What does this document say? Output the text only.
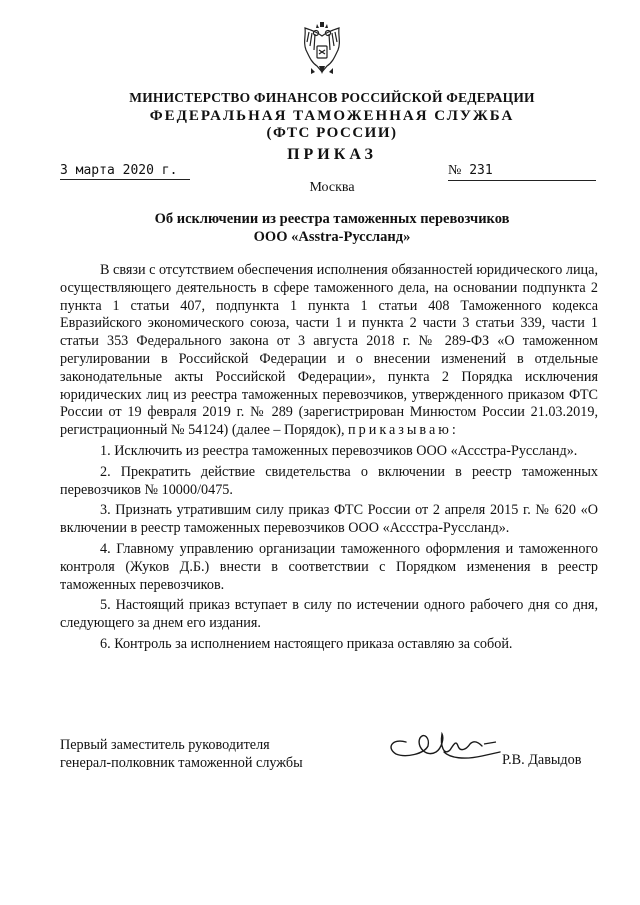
МИНИСТЕРСТВО ФИНАНСОВ РОССИЙСКОЙ ФЕДЕРАЦИИ
ФЕДЕРАЛЬНАЯ ТАМОЖЕННАЯ СЛУЖБА
(ФТС РОССИИ)
ПРИКАЗ
3 марта 2020 г.	№ 231
Москва
Об исключении из реестра таможенных перевозчиков
ООО «Asstra-Руссланд»

В связи с отсутствием обеспечения исполнения обязанностей юридического лица, осуществляющего деятельность в сфере таможенного дела, на основании подпункта 2 пункта 1 статьи 407, подпункта 1 пункта 1 статьи 408 Таможенного кодекса Евразийского экономического союза, части 1 и пункта 2 части 3 статьи 339, части 1 статьи 353 Федерального закона от 3 августа 2018 г. № 289-ФЗ «О таможенном регулировании в Российской Федерации и о внесении изменений в отдельные законодательные акты Российской Федерации», пункта 2 Порядка исключения юридических лиц из реестра таможенных перевозчиков, утвержденного приказом ФТС России от 19 февраля 2019 г. № 289 (зарегистрирован Минюстом России 21.03.2019, регистрационный № 54124) (далее – Порядок), приказываю:

1. Исключить из реестра таможенных перевозчиков ООО «Ассстра-Руссланд».

2. Прекратить действие свидетельства о включении в реестр таможенных перевозчиков № 10000/0475.

3. Признать утратившим силу приказ ФТС России от 2 апреля 2015 г. № 620 «О включении в реестр таможенных перевозчиков ООО «Ассстра-Руссланд».

4. Главному управлению организации таможенного оформления и таможенного контроля (Жуков Д.Б.) внести в соответствии с Порядком изменения в реестр таможенных перевозчиков.

5. Настоящий приказ вступает в силу по истечении одного рабочего дня со дня, следующего за днем его издания.

6. Контроль за исполнением настоящего приказа оставляю за собой.

Первый заместитель руководителя
генерал-полковник таможенной службы	Р.В. Давыдов
